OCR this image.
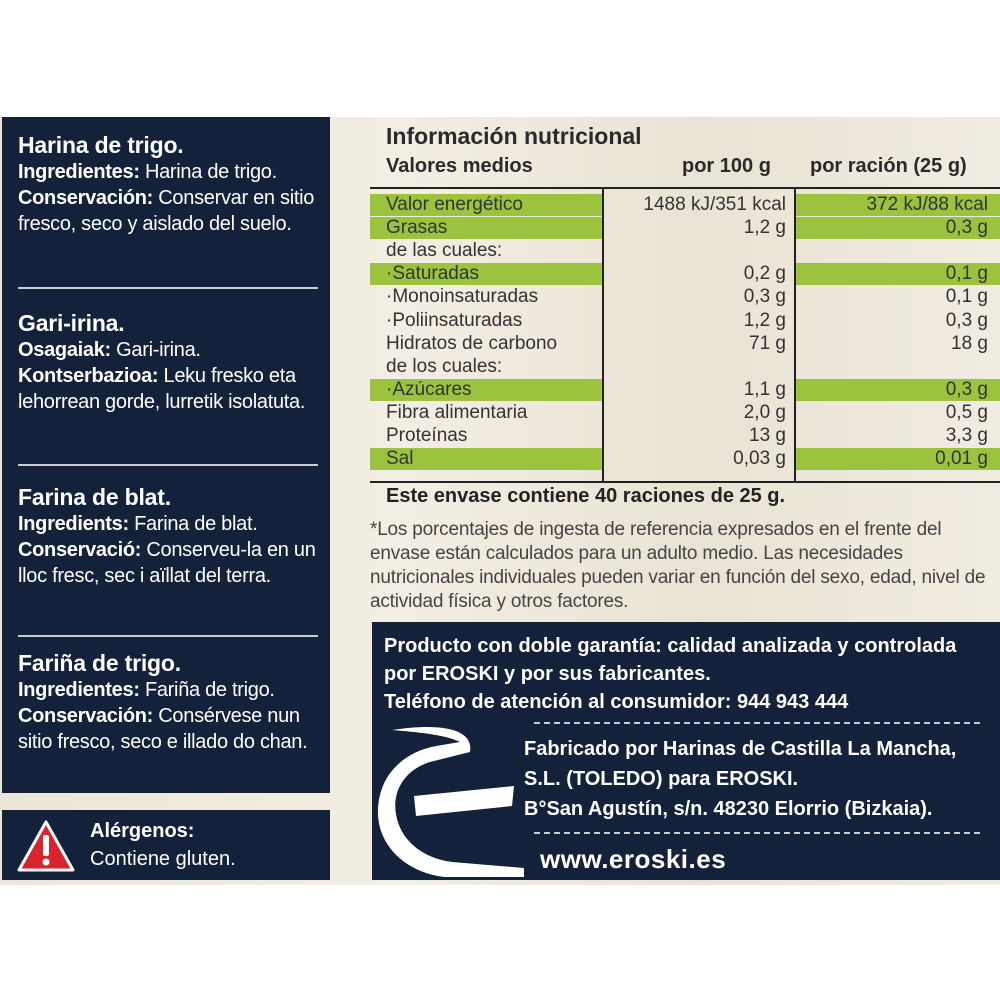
Harina de trigo.
Ingredientes: Harina de trigo.
Conservación: Conservar en sitio fresco, seco y aislado del suelo.
Gari-irina.
Osagaiak: Gari-irina.
Kontserbazioa: Leku fresko eta lehorrean gorde, lurretik isolatuta.
Farina de blat.
Ingredients: Farina de blat.
Conservació: Conserveu-la en un lloc fresc, sec i aïllat del terra.
Fariña de trigo.
Ingredientes: Fariña de trigo.
Conservación: Consérvese nun sitio fresco, seco e illado do chan.
Alérgenos:
Contiene gluten.
Información nutricional
Valores medios	por 100 g por ración (25 g)
Valor energético	1488 kJ/351 kcal	372 kJ/88 kcal
Grasas	1,2 g	0,3 g
de las cuales:
·Saturadas	0,2 g	0,1 g
·Monoinsaturadas	0,3 g	0,1 g
·Poliinsaturadas	1,2 g	0,3 g
Hidratos de carbono	71 g	18 g
de los cuales:
·Azúcares	1,1 g	0,3 g
Fibra alimentaria	2,0 g	0,5 g
Proteínas	13 g	3,3 g
Sal	0,03 g	0,01 g
Este envase contiene 40 raciones de 25 g.
*Los porcentajes de ingesta de referencia expresados en el frente del envase están calculados para un adulto medio. Las necesidades nutricionales individuales pueden variar en función del sexo, edad, nivel de actividad física y otros factores.
Producto con doble garantía: calidad analizada y controlada por EROSKI y por sus fabricantes.
Teléfono de atención al consumidor: 944 943 444
Fabricado por Harinas de Castilla La Mancha,
S.L. (TOLEDO) para EROSKI.
B°San Agustín, s/n. 48230 Elorrio (Bizkaia).
www.eroski.es
